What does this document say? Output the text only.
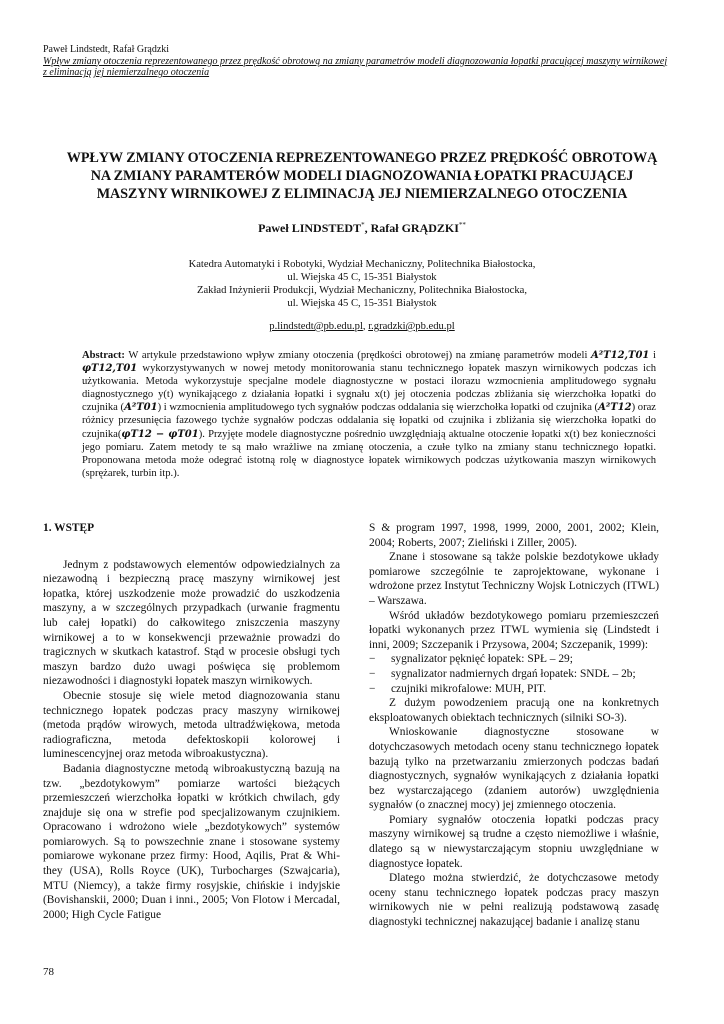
Paweł Lindstedt, Rafał Grądzki
Wpływ zmiany otoczenia reprezentowanego przez prędkość obrotową na zmiany parametrów modeli diagnozowania łopatki pracującej maszyny wirnikowej
z eliminacją jej niemierzalnego otoczenia
WPŁYW ZMIANY OTOCZENIA REPREZENTOWANEGO PRZEZ PRĘDKOŚĆ OBROTOWĄ
NA ZMIANY PARAMTERÓW MODELI DIAGNOZOWANIA ŁOPATKI PRACUJĄCEJ
MASZYNY WIRNIKOWEJ Z ELIMINACJĄ JEJ NIEMIERZALNEGO OTOCZENIA
Paweł LINDSTEDT*, Rafał GRĄDZKI**
Katedra Automatyki i Robotyki, Wydział Mechaniczny, Politechnika Białostocka,
ul. Wiejska 45 C, 15-351 Białystok
Zakład Inżynierii Produkcji, Wydział Mechaniczny, Politechnika Białostocka,
ul. Wiejska 45 C, 15-351 Białystok
p.lindstedt@pb.edu.pl, r.gradzki@pb.edu.pl
Abstract: W artykule przedstawiono wpływ zmiany otoczenia (prędkości obrotowej) na zmianę parametrów modeli A²T12,T01 i φT12,T01 wykorzystywanych w nowej metody monitorowania stanu technicznego łopatek maszyn wirnikowych podczas ich użytkowania. Metoda wykorzystuje specjalne modele diagnostyczne w postaci ilorazu wzmocnienia amplitudowego sygnału diagnostycznego y(t) wynikającego z działania łopatki i sygnału x(t) jej otoczenia podczas zbliżania się wierzchołka łopatki do czujnika (A²T01) i wzmocnienia amplitudowego tych sygnałów podczas oddalania się wierzchołka łopatki od czujnika (A²T12) oraz różnicy przesunięcia fazowego tychże sygnałów podczas oddalania się łopatki od czujnika i zbliżania się wierzchołka łopatki do czujnika(φT12 − φT01). Przyjęte modele diagnostyczne pośrednio uwzględniają aktualne otoczenie łopatki x(t) bez konieczności jego pomiaru. Zatem metody te są mało wrażliwe na zmianę otoczenia, a czułe tylko na zmiany stanu technicznego łopatki. Proponowana metoda może odegrać istotną rolę w diagnostyce łopatek wirnikowych podczas użytkowania maszyn wirnikowych (sprężarek, turbin itp.).
1. WSTĘP

Jednym z podstawowych elementów odpowiedzialnych za niezawodną i bezpieczną pracę maszyny wirnikowej jest łopatka, której uszkodzenie może prowadzić do uszkodzenia maszyny, a w szczególnych przypadkach (urwanie fragmentu lub całej łopatki) do całkowitego zniszczenia maszyny wirnikowej a to w konsekwencji przeważnie prowadzi do tragicznych w skutkach katastrof. Stąd w procesie obsługi tych maszyn bardzo dużo uwagi poświęca się problemom niezawodności i diagnostyki łopatek maszyn wirnikowych.

Obecnie stosuje się wiele metod diagnozowania stanu technicznego łopatek podczas pracy maszyny wirnikowej (metoda prądów wirowych, metoda ultradźwiękowa, metoda radiograficzna, metoda defektoskopii kolorowej i luminescencyjnej oraz metoda wibroakustyczna).

Badania diagnostyczne metodą wibroakustyczną bazują na tzw. „bezdotykowym” pomiarze wartości bieżących przemieszczeń wierzchołka łopatki w krótkich chwilach, gdy znajduje się ona w strefie pod specjalizowanym czujnikiem. Opracowano i wdrożono wiele „bezdotykowych” systemów pomiarowych. Są to powszechnie znane i stosowane systemy pomiarowe wykonane przez firmy: Hood, Aqilis, Prat & Whi-they (USA), Rolls Royce (UK), Turbocharges (Szwajcaria), MTU (Niemcy), a także firmy rosyjskie, chińskie i indyjskie (Bovishanskii, 2000; Duan i inni., 2005; Von Flotow i Mercadal, 2000; High Cycle Fatigue

S & program 1997, 1998, 1999, 2000, 2001, 2002; Klein, 2004; Roberts, 2007; Zieliński i Ziller, 2005).

Znane i stosowane są także polskie bezdotykowe układy pomiarowe szczególnie te zaprojektowane, wykonane i wdrożone przez Instytut Techniczny Wojsk Lotniczych (ITWL) – Warszawa.

Wśród układów bezdotykowego pomiaru przemieszczeń łopatki wykonanych przez ITWL wymienia się (Lindstedt i inni, 2009; Szczepanik i Przysowa, 2004; Szczepanik, 1999):

− sygnalizator pęknięć łopatek: SPŁ – 29;
− sygnalizator nadmiernych drgań łopatek: SNDŁ – 2b;
− czujniki mikrofalowe: MUH, PIT.

Z dużym powodzeniem pracują one na konkretnych eksploatowanych obiektach technicznych (silniki SO-3).

Wnioskowanie diagnostyczne stosowane w dotychczasowych metodach oceny stanu technicznego łopatek bazują tylko na przetwarzaniu zmierzonych podczas badań diagnostycznych, sygnałów wynikających z działania łopatki bez wystarczającego (zdaniem autorów) uwzględnienia sygnałów (o znacznej mocy) jej zmiennego otoczenia.

Pomiary sygnałów otoczenia łopatki podczas pracy maszyny wirnikowej są trudne a często niemożliwe i właśnie, dlatego są w niewystarczającym stopniu uwzględniane w diagnostyce łopatek.

Dlatego można stwierdzić, że dotychczasowe metody oceny stanu technicznego łopatek podczas pracy maszyn wirnikowych nie w pełni realizują podstawową zasadę diagnostyki technicznej nakazującej badanie i analizę stanu

78
